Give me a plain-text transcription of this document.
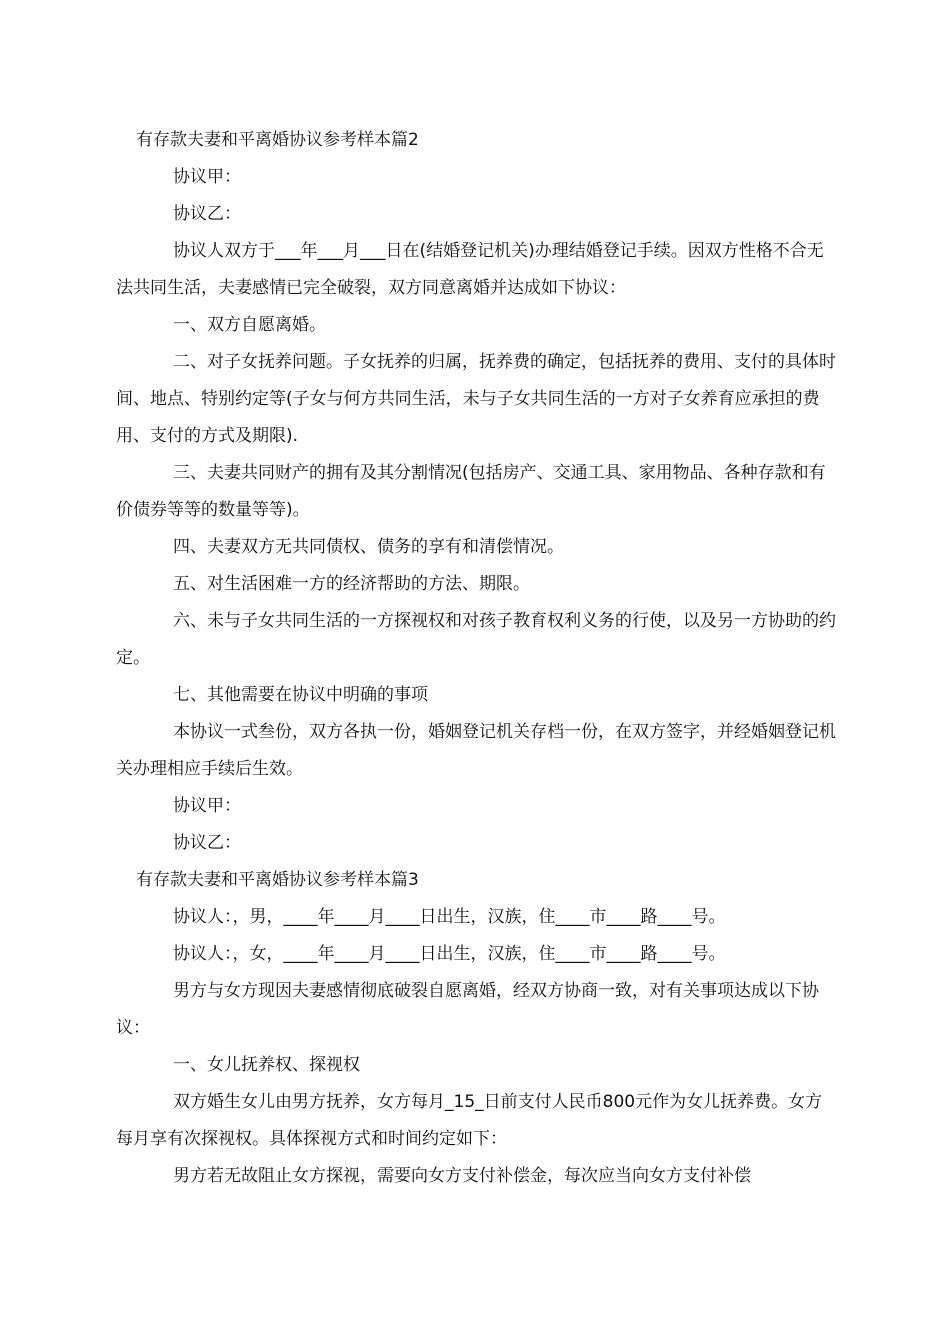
有存款夫妻和平离婚协议参考样本篇2

协议甲：

协议乙：

协议人双方于___年___月___日在(结婚登记机关)办理结婚登记手续。因双方性格不合无法共同生活，夫妻感情已完全破裂，双方同意离婚并达成如下协议：

一、双方自愿离婚。

二、对子女抚养问题。子女抚养的归属，抚养费的确定，包括抚养的费用、支付的具体时间、地点、特别约定等(子女与何方共同生活，未与子女共同生活的一方对子女养育应承担的费用、支付的方式及期限).

三、夫妻共同财产的拥有及其分割情况(包括房产、交通工具、家用物品、各种存款和有价债券等等的数量等等)。

四、夫妻双方无共同债权、债务的享有和清偿情况。

五、对生活困难一方的经济帮助的方法、期限。

六、未与子女共同生活的一方探视权和对孩子教育权利义务的行使，以及另一方协助的约定。

七、其他需要在协议中明确的事项

本协议一式叁份，双方各执一份，婚姻登记机关存档一份，在双方签字，并经婚姻登记机关办理相应手续后生效。

协议甲：

协议乙：

有存款夫妻和平离婚协议参考样本篇3

协议人：，男，____年____月____日出生，汉族，住____市____路____号。

协议人：，女，____年____月____日出生，汉族，住____市____路____号。

男方与女方现因夫妻感情彻底破裂自愿离婚，经双方协商一致，对有关事项达成以下协议：

一、女儿抚养权、探视权

双方婚生女儿由男方抚养，女方每月_15_日前支付人民币800元作为女儿抚养费。女方每月享有次探视权。具体探视方式和时间约定如下：

男方若无故阻止女方探视，需要向女方支付补偿金，每次应当向女方支付补偿
